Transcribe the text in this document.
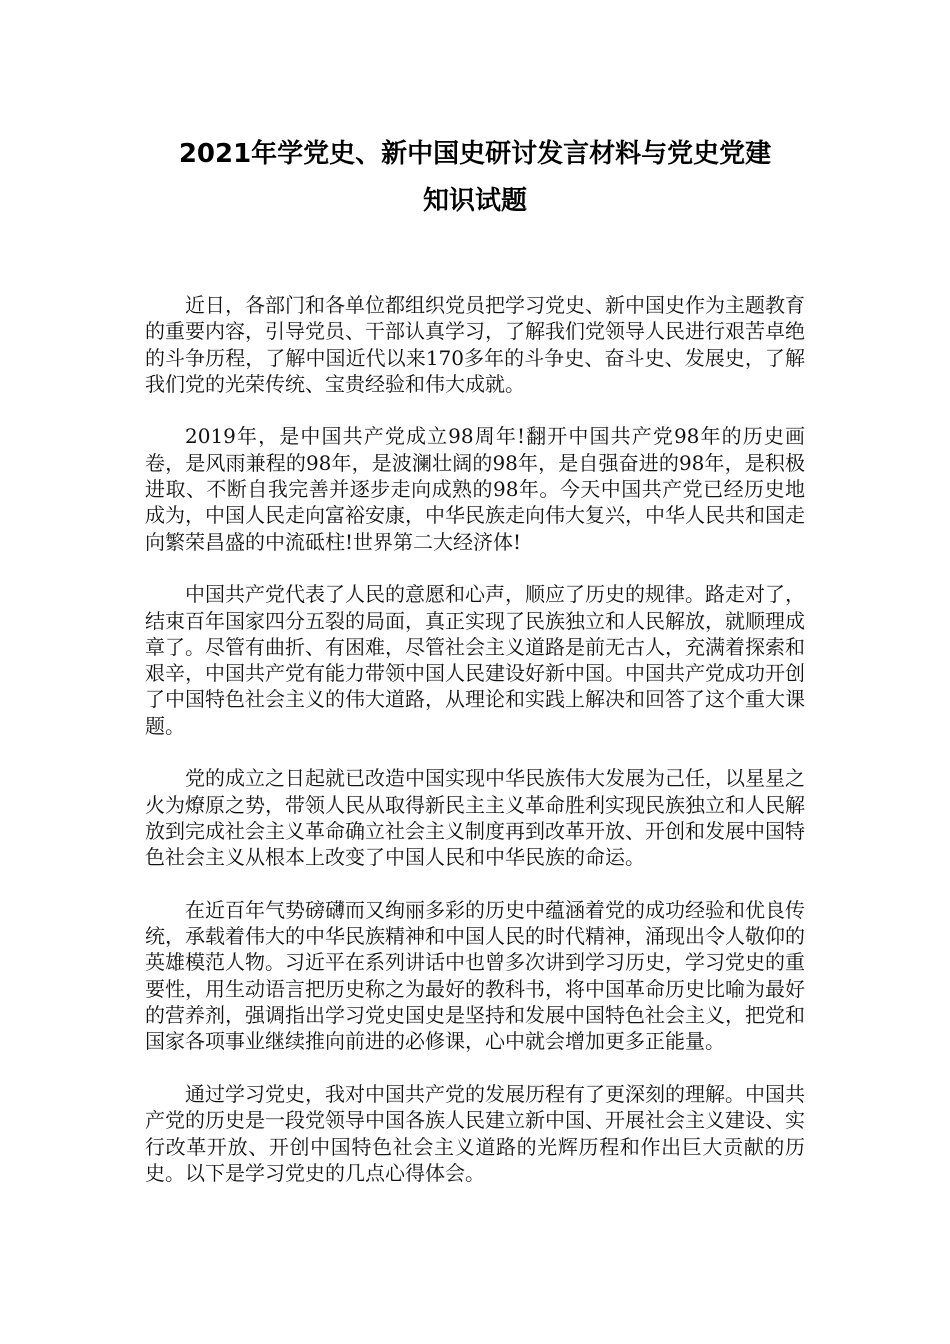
2021年学党史、新中国史研讨发言材料与党史党建
知识试题

近日，各部门和各单位都组织党员把学习党史、新中国史作为主题教育的重要内容，引导党员、干部认真学习，了解我们党领导人民进行艰苦卓绝的斗争历程，了解中国近代以来170多年的斗争史、奋斗史、发展史，了解我们党的光荣传统、宝贵经验和伟大成就。

2019年，是中国共产党成立98周年!翻开中国共产党98年的历史画卷，是风雨兼程的98年，是波澜壮阔的98年，是自强奋进的98年，是积极进取、不断自我完善并逐步走向成熟的98年。今天中国共产党已经历史地成为，中国人民走向富裕安康，中华民族走向伟大复兴，中华人民共和国走向繁荣昌盛的中流砥柱!世界第二大经济体!

中国共产党代表了人民的意愿和心声，顺应了历史的规律。路走对了，结束百年国家四分五裂的局面，真正实现了民族独立和人民解放，就顺理成章了。尽管有曲折、有困难，尽管社会主义道路是前无古人，充满着探索和艰辛，中国共产党有能力带领中国人民建设好新中国。中国共产党成功开创了中国特色社会主义的伟大道路，从理论和实践上解决和回答了这个重大课题。

党的成立之日起就已改造中国实现中华民族伟大发展为己任，以星星之火为燎原之势，带领人民从取得新民主主义革命胜利实现民族独立和人民解放到完成社会主义革命确立社会主义制度再到改革开放、开创和发展中国特色社会主义从根本上改变了中国人民和中华民族的命运。

在近百年气势磅礴而又绚丽多彩的历史中蕴涵着党的成功经验和优良传统，承载着伟大的中华民族精神和中国人民的时代精神，涌现出令人敬仰的英雄模范人物。习近平在系列讲话中也曾多次讲到学习历史，学习党史的重要性，用生动语言把历史称之为最好的教科书，将中国革命历史比喻为最好的营养剂，强调指出学习党史国史是坚持和发展中国特色社会主义，把党和国家各项事业继续推向前进的必修课，心中就会增加更多正能量。

通过学习党史，我对中国共产党的发展历程有了更深刻的理解。中国共产党的历史是一段党领导中国各族人民建立新中国、开展社会主义建设、实行改革开放、开创中国特色社会主义道路的光辉历程和作出巨大贡献的历史。以下是学习党史的几点心得体会。
